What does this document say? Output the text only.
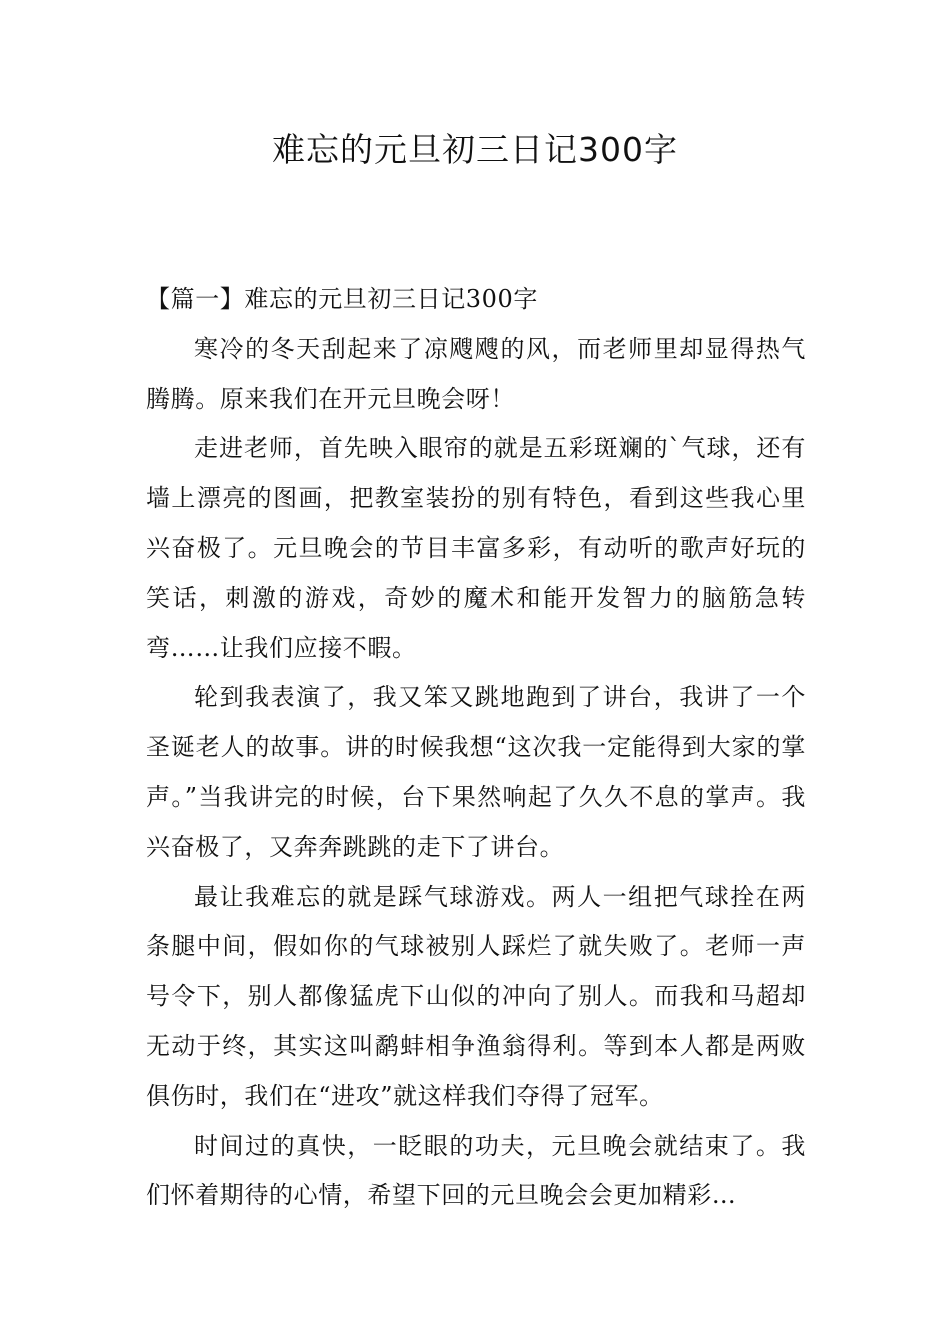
难忘的元旦初三日记300字

【篇一】难忘的元旦初三日记300字

寒冷的冬天刮起来了凉飕飕的风，而老师里却显得热气腾腾。原来我们在开元旦晚会呀！

走进老师，首先映入眼帘的就是五彩斑斓的`气球，还有墙上漂亮的图画，把教室装扮的别有特色，看到这些我心里兴奋极了。元旦晚会的节目丰富多彩，有动听的歌声好玩的笑话，刺激的游戏，奇妙的魔术和能开发智力的脑筋急转弯……让我们应接不暇。

轮到我表演了，我又笨又跳地跑到了讲台，我讲了一个圣诞老人的故事。讲的时候我想“这次我一定能得到大家的掌声。”当我讲完的时候，台下果然响起了久久不息的掌声。我兴奋极了，又奔奔跳跳的走下了讲台。

最让我难忘的就是踩气球游戏。两人一组把气球拴在两条腿中间，假如你的气球被别人踩烂了就失败了。老师一声号令下，别人都像猛虎下山似的冲向了别人。而我和马超却无动于终，其实这叫鹬蚌相争渔翁得利。等到本人都是两败俱伤时，我们在“进攻”就这样我们夺得了冠军。

时间过的真快，一眨眼的功夫，元旦晚会就结束了。我们怀着期待的心情，希望下回的元旦晚会会更加精彩…
